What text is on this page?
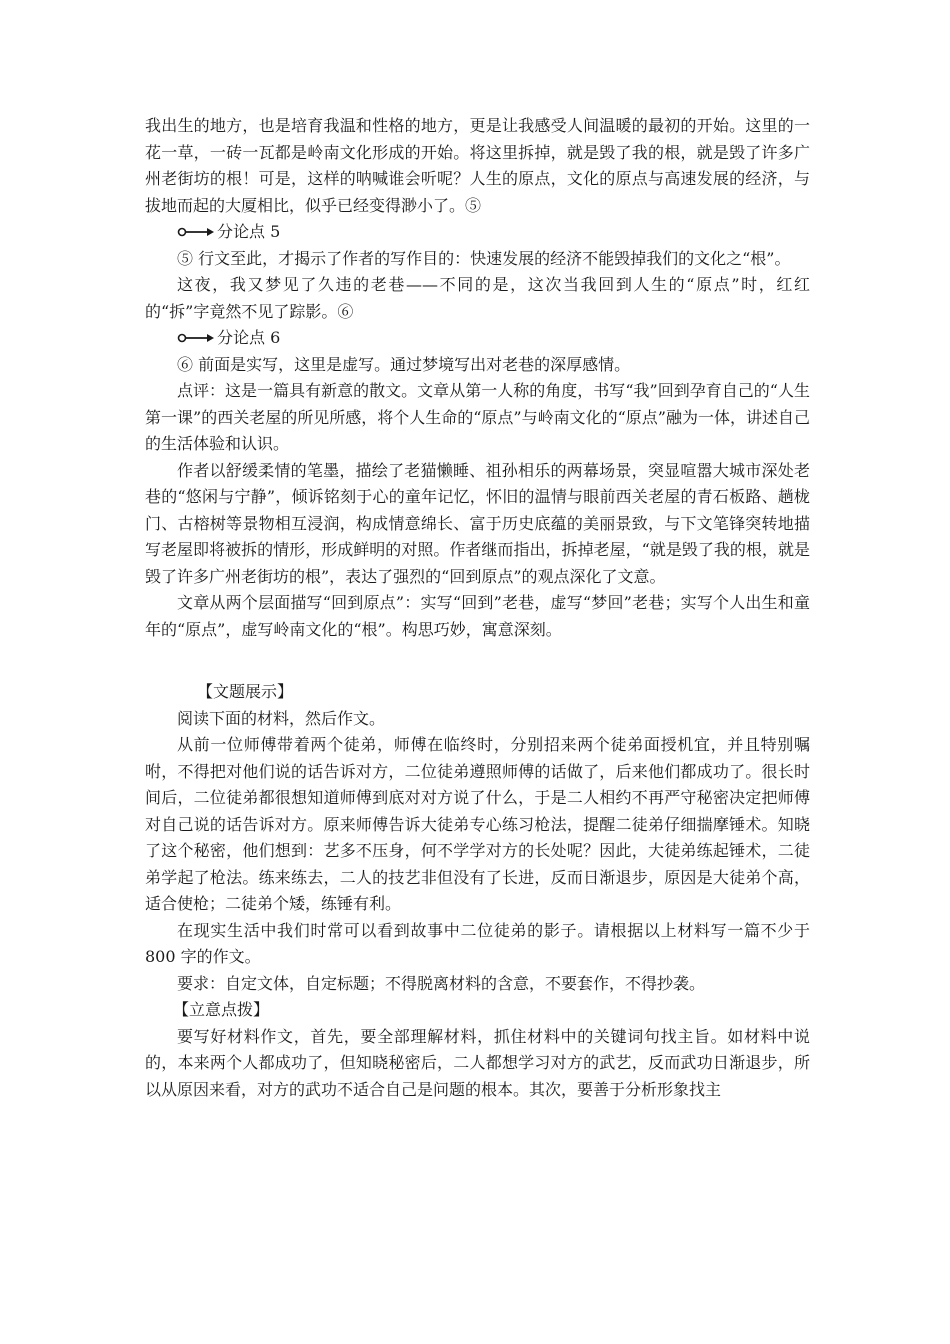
我出生的地方，也是培育我温和性格的地方，更是让我感受人间温暖的最初的开始。这里的一花一草，一砖一瓦都是岭南文化形成的开始。将这里拆掉，就是毁了我的根，就是毁了许多广州老街坊的根！可是，这样的呐喊谁会听呢？人生的原点，文化的原点与高速发展的经济，与拔地而起的大厦相比，似乎已经变得渺小了。⑤

分论点 5

⑤ 行文至此，才揭示了作者的写作目的：快速发展的经济不能毁掉我们的文化之“根”。

这夜，我又梦见了久违的老巷——不同的是，这次当我回到人生的“原点”时，红红的“拆”字竟然不见了踪影。⑥

分论点 6

⑥ 前面是实写，这里是虚写。通过梦境写出对老巷的深厚感情。

点评：这是一篇具有新意的散文。文章从第一人称的角度，书写“我”回到孕育自己的“人生第一课”的西关老屋的所见所感，将个人生命的“原点”与岭南文化的“原点”融为一体，讲述自己的生活体验和认识。

作者以舒缓柔情的笔墨，描绘了老猫懒睡、祖孙相乐的两幕场景，突显喧嚣大城市深处老巷的“悠闲与宁静”，倾诉铭刻于心的童年记忆，怀旧的温情与眼前西关老屋的青石板路、趟栊门、古榕树等景物相互浸润，构成情意绵长、富于历史底蕴的美丽景致，与下文笔锋突转地描写老屋即将被拆的情形，形成鲜明的对照。作者继而指出，拆掉老屋，“就是毁了我的根，就是毁了许多广州老街坊的根”，表达了强烈的“回到原点”的观点深化了文意。

文章从两个层面描写“回到原点”：实写“回到”老巷，虚写“梦回”老巷；实写个人出生和童年的“原点”，虚写岭南文化的“根”。构思巧妙，寓意深刻。

【文题展示】

阅读下面的材料，然后作文。

从前一位师傅带着两个徒弟，师傅在临终时，分别招来两个徒弟面授机宜，并且特别嘱咐，不得把对他们说的话告诉对方，二位徒弟遵照师傅的话做了，后来他们都成功了。很长时间后，二位徒弟都很想知道师傅到底对对方说了什么，于是二人相约不再严守秘密决定把师傅对自己说的话告诉对方。原来师傅告诉大徒弟专心练习枪法，提醒二徒弟仔细揣摩锤术。知晓了这个秘密，他们想到：艺多不压身，何不学学对方的长处呢？因此，大徒弟练起锤术，二徒弟学起了枪法。练来练去，二人的技艺非但没有了长进，反而日渐退步，原因是大徒弟个高，适合使枪；二徒弟个矮，练锤有利。

在现实生活中我们时常可以看到故事中二位徒弟的影子。请根据以上材料写一篇不少于 800 字的作文。

要求：自定文体，自定标题；不得脱离材料的含意，不要套作，不得抄袭。

【立意点拨】

要写好材料作文，首先，要全部理解材料，抓住材料中的关键词句找主旨。如材料中说的，本来两个人都成功了，但知晓秘密后，二人都想学习对方的武艺，反而武功日渐退步，所以从原因来看，对方的武功不适合自己是问题的根本。其次，要善于分析形象找主
